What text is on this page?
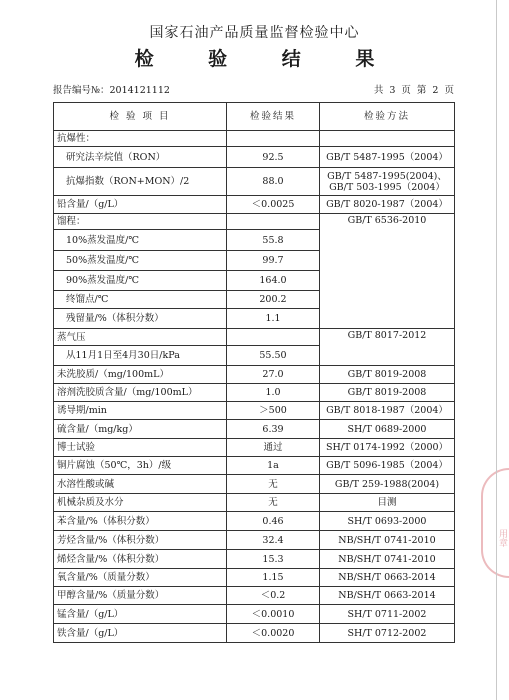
国家石油产品质量监督检验中心
检 验 结 果
报告编号№：2014121112	共 3 页 第 2 页
检 验 项 目	检验结果	检验方法
抗爆性：		
研究法辛烷值（RON）	92.5	GB/T 5487-1995（2004）
抗爆指数（RON+MON）/2	88.0	GB/T 5487-1995(2004)、
GB/T 503-1995（2004）

铅含量/（g/L）	＜0.0025	GB/T 8020-1987（2004）
馏程：		GB/T 6536-2010
10%蒸发温度/℃	55.8	
50%蒸发温度/℃	99.7	
90%蒸发温度/℃	164.0	
终馏点/℃	200.2	
残留量/%（体积分数）	1.1	
蒸气压		GB/T 8017-2012
从11月1日至4月30日/kPa	55.50	
未洗胶质/（mg/100mL）	27.0	GB/T 8019-2008
溶剂洗胶质含量/（mg/100mL）	1.0	GB/T 8019-2008
诱导期/min	＞500	GB/T 8018-1987（2004）
硫含量/（mg/kg）	6.39	SH/T 0689-2000
博士试验	通过	SH/T 0174-1992（2000）
铜片腐蚀（50℃，3h）/级	1a	GB/T 5096-1985（2004）
水溶性酸或碱	无	GB/T 259-1988(2004)
机械杂质及水分	无	目测
苯含量/%（体积分数）	0.46	SH/T 0693-2000
芳烃含量/%（体积分数）	32.4	NB/SH/T 0741-2010
烯烃含量/%（体积分数）	15.3	NB/SH/T 0741-2010
氧含量/%（质量分数）	1.15	NB/SH/T 0663-2014
甲醇含量/%（质量分数）	＜0.2	NB/SH/T 0663-2014
锰含量/（g/L）	＜0.0010	SH/T 0711-2002
铁含量/（g/L）	＜0.0020	SH/T 0712-2002
用章
